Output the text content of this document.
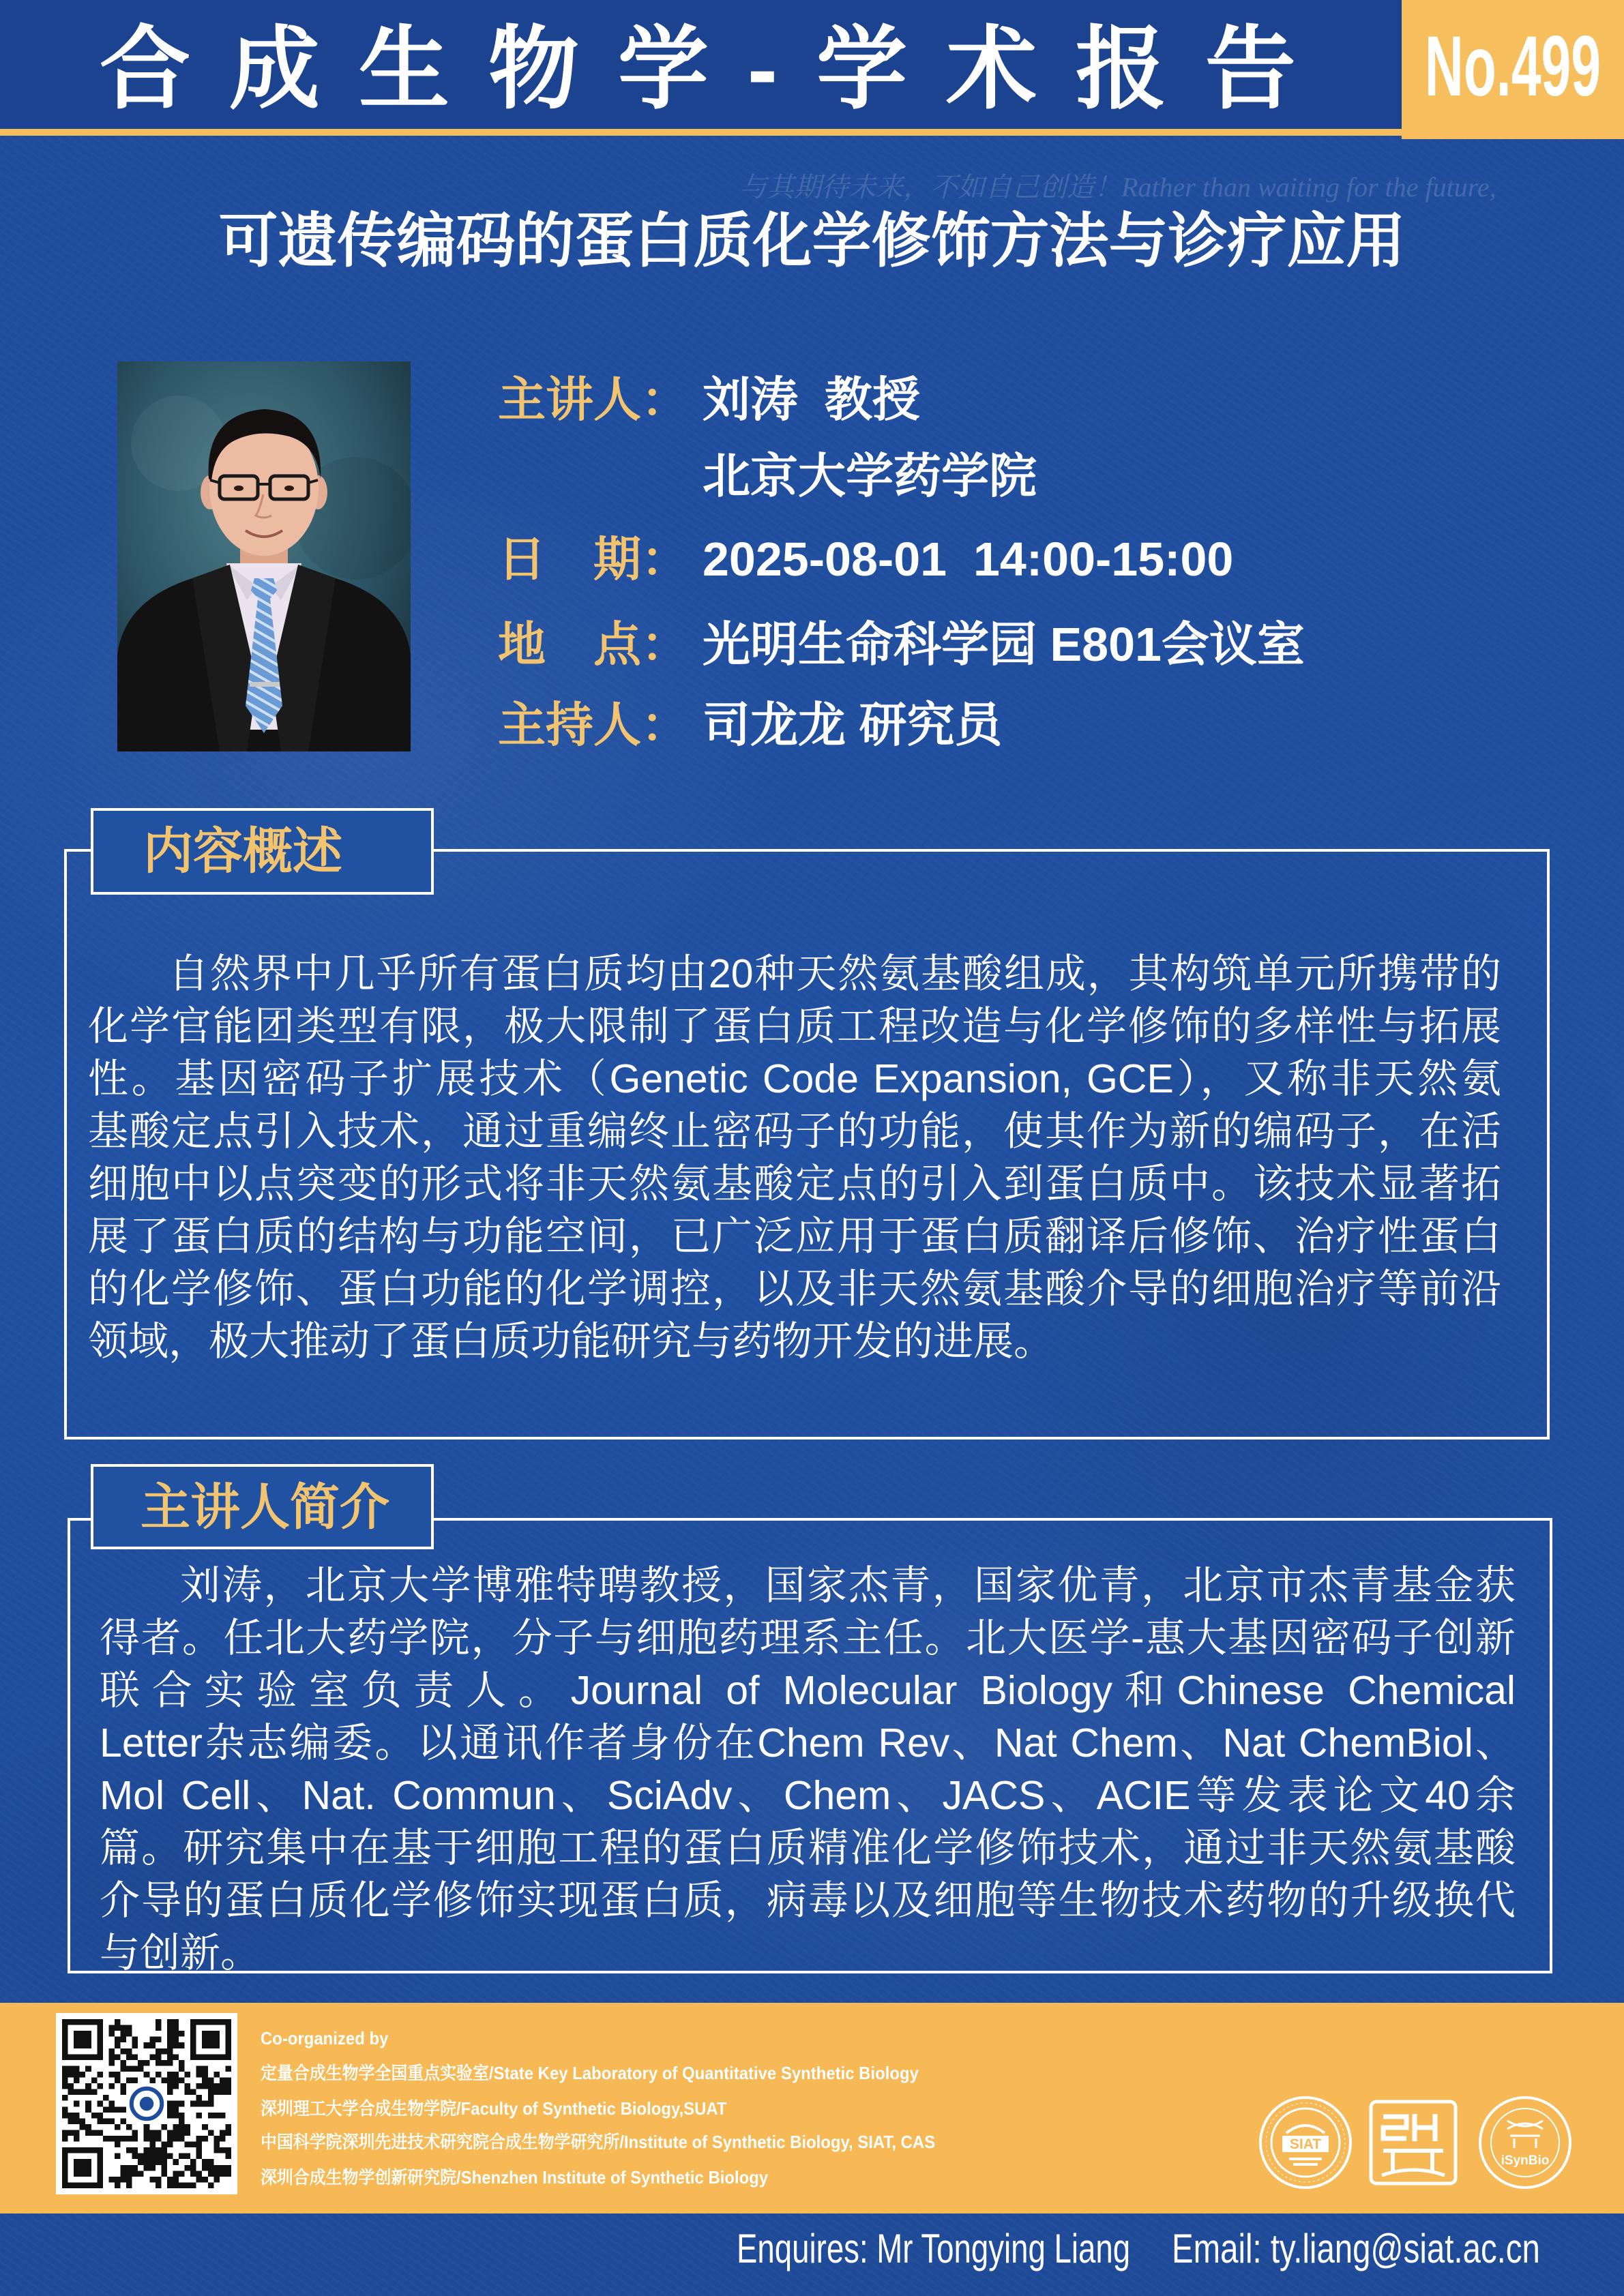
合 成 生 物 学 - 学 术 报 告 No.499
与其期待未来，不如自己创造！Rather than waiting for the future,
可遗传编码的蛋白质化学修饰方法与诊疗应用
主讲人： 刘涛  教授
北京大学药学院
日　期： 2025-08-01  14:00-15:00
地　点： 光明生命科学园 E801会议室
主持人： 司龙龙 研究员
内容概述
自然界中几乎所有蛋白质均由20种天然氨基酸组成，其构筑单元所携带的
化学官能团类型有限，极大限制了蛋白质工程改造与化学修饰的多样性与拓展
性。基因密码子扩展技术（Genetic Code Expansion, GCE），又称非天然氨
基酸定点引入技术，通过重编终止密码子的功能，使其作为新的编码子，在活
细胞中以点突变的形式将非天然氨基酸定点的引入到蛋白质中。该技术显著拓
展了蛋白质的结构与功能空间，已广泛应用于蛋白质翻译后修饰、治疗性蛋白
的化学修饰、蛋白功能的化学调控，以及非天然氨基酸介导的细胞治疗等前沿
领域，极大推动了蛋白质功能研究与药物开发的进展。
主讲人简介
刘涛，北京大学博雅特聘教授，国家杰青，国家优青，北京市杰青基金获
得者。任北大药学院，分子与细胞药理系主任。北大医学-惠大基因密码子创新
联合实验室负责人。Journal of Molecular Biology和Chinese Chemical
Letter杂志编委。以通讯作者身份在Chem Rev、Nat Chem、Nat ChemBiol、
Mol Cell、Nat. Commun、SciAdv、Chem、JACS、ACIE等发表论文40余
篇。研究集中在基于细胞工程的蛋白质精准化学修饰技术，通过非天然氨基酸
介导的蛋白质化学修饰实现蛋白质，病毒以及细胞等生物技术药物的升级换代
与创新。
Co-organized by
定量合成生物学全国重点实验室/State Key Laboratory of Quantitative Synthetic Biology
深圳理工大学合成生物学院/Faculty of Synthetic Biology,SUAT
中国科学院深圳先进技术研究院合成生物学研究所/Institute of Synthetic Biology, SIAT, CAS
深圳合成生物学创新研究院/Shenzhen Institute of Synthetic Biology
SIAT
iSynBio
Enquires: Mr Tongying Liang Email: ty.liang@siat.ac.cn
